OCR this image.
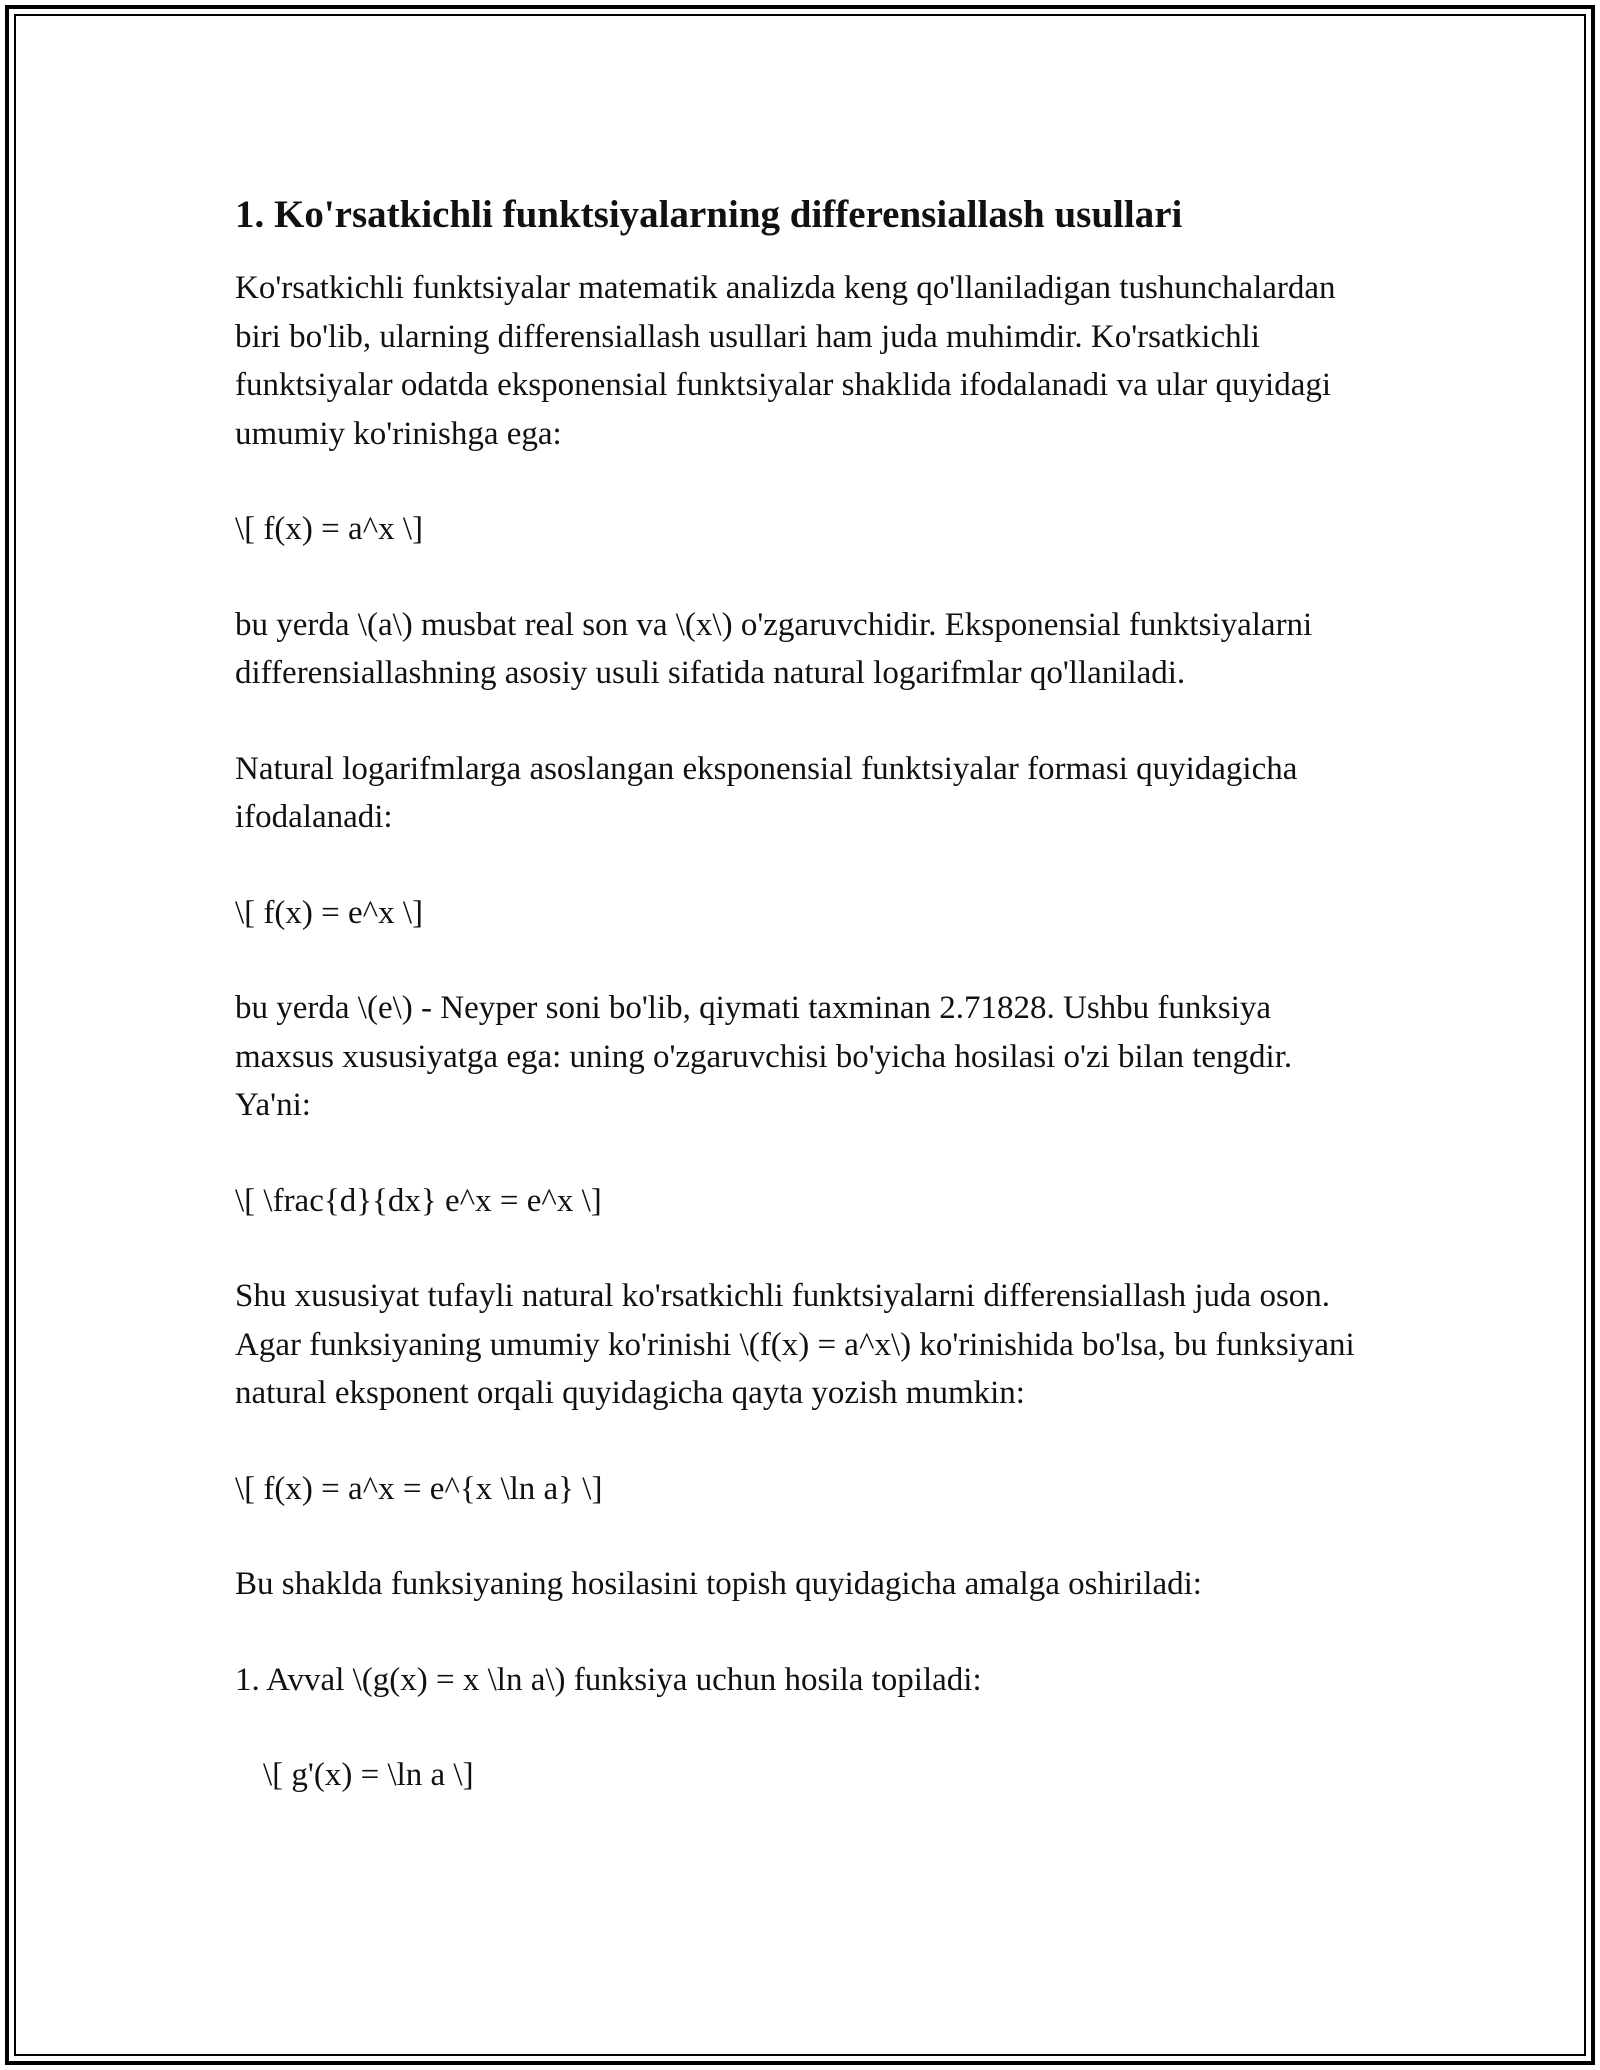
1. Ko'rsatkichli funktsiyalarning differensiallash usullari

Ko'rsatkichli funktsiyalar matematik analizda keng qo'llaniladigan tushunchalardan biri bo'lib, ularning differensiallash usullari ham juda muhimdir. Ko'rsatkichli funktsiyalar odatda eksponensial funktsiyalar shaklida ifodalanadi va ular quyidagi umumiy ko'rinishga ega:

\[ f(x) = a^x \]

bu yerda \(a\) musbat real son va \(x\) o'zgaruvchidir. Eksponensial funktsiyalarni differensiallashning asosiy usuli sifatida natural logarifmlar qo'llaniladi.

Natural logarifmlarga asoslangan eksponensial funktsiyalar formasi quyidagicha ifodalanadi:

\[ f(x) = e^x \]

bu yerda \(e\) - Neyper soni bo'lib, qiymati taxminan 2.71828. Ushbu funksiya maxsus xususiyatga ega: uning o'zgaruvchisi bo'yicha hosilasi o'zi bilan tengdir. Ya'ni:

\[ \frac{d}{dx} e^x = e^x \]

Shu xususiyat tufayli natural ko'rsatkichli funktsiyalarni differensiallash juda oson. Agar funksiyaning umumiy ko'rinishi \(f(x) = a^x\) ko'rinishida bo'lsa, bu funksiyani natural eksponent orqali quyidagicha qayta yozish mumkin:

\[ f(x) = a^x = e^{x \ln a} \]

Bu shaklda funksiyaning hosilasini topish quyidagicha amalga oshiriladi:

1. Avval \(g(x) = x \ln a\) funksiya uchun hosila topiladi:

\[ g'(x) = \ln a \]
